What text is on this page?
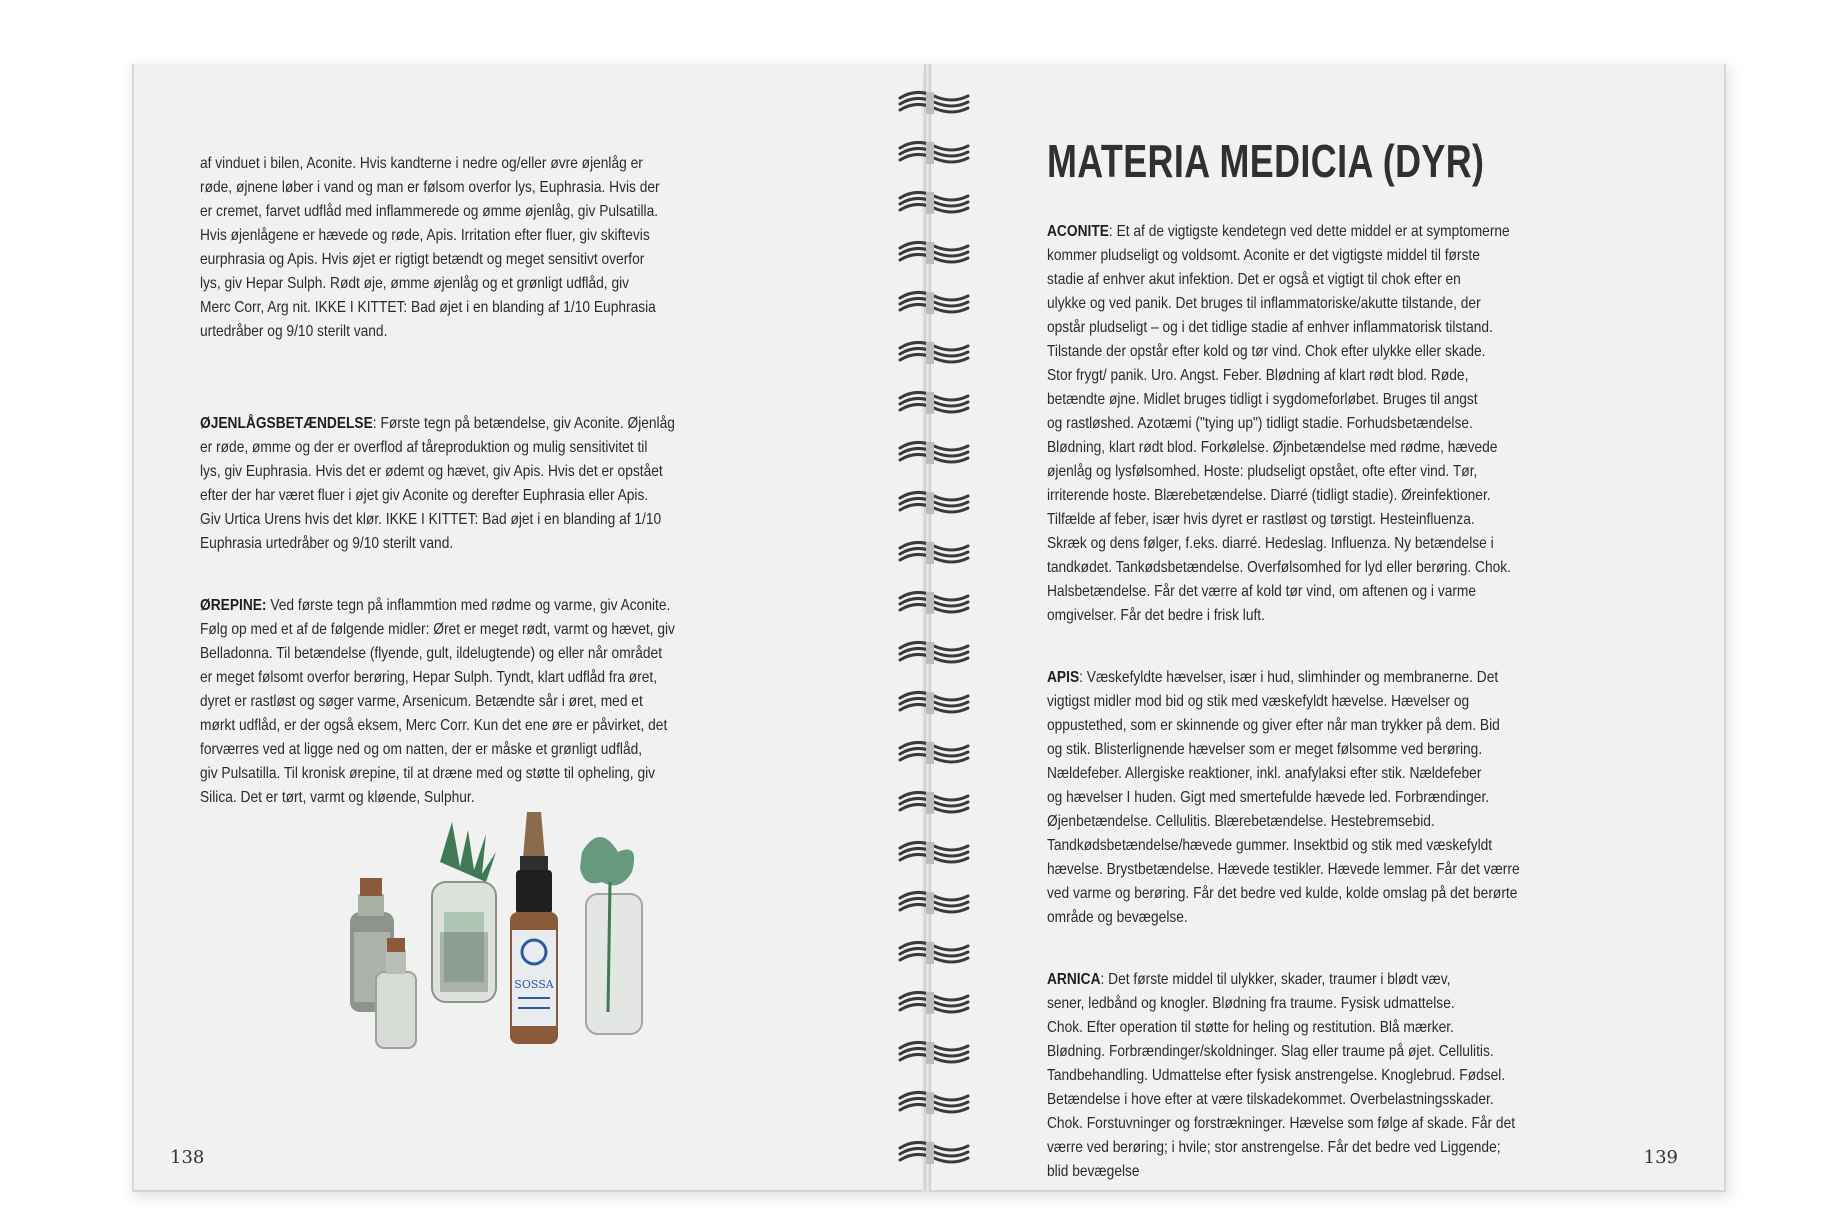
af vinduet i bilen, Aconite. Hvis kandterne i nedre og/eller øvre øjenlåg er
røde, øjnene løber i vand og man er følsom overfor lys, Euphrasia. Hvis der
er cremet, farvet udflåd med inflammerede og ømme øjenlåg, giv Pulsatilla.
Hvis øjenlågene er hævede og røde, Apis. Irritation efter fluer, giv skiftevis
eurphrasia og Apis. Hvis øjet er rigtigt betændt og meget sensitivt overfor
lys, giv Hepar Sulph. Rødt øje, ømme øjenlåg og et grønligt udflåd, giv
Merc Corr, Arg nit. IKKE I KITTET: Bad øjet i en blanding af 1/10 Euphrasia
urtedråber og 9/10 sterilt vand.

ØJENLÅGSBETÆNDELSE: Første tegn på betændelse, giv Aconite. Øjenlåg
er røde, ømme og der er overflod af tåreproduktion og mulig sensitivitet til
lys, giv Euphrasia. Hvis det er ødemt og hævet, giv Apis. Hvis det er opstået
efter der har været fluer i øjet giv Aconite og derefter Euphrasia eller Apis.
Giv Urtica Urens hvis det klør. IKKE I KITTET: Bad øjet i en blanding af 1/10
Euphrasia urtedråber og 9/10 sterilt vand.

ØREPINE: Ved første tegn på inflammtion med rødme og varme, giv Aconite.
Følg op med et af de følgende midler: Øret er meget rødt, varmt og hævet, giv
Belladonna. Til betændelse (flyende, gult, ildelugtende) og eller når området
er meget følsomt overfor berøring, Hepar Sulph. Tyndt, klart udflåd fra øret,
dyret er rastløst og søger varme, Arsenicum. Betændte sår i øret, med et
mørkt udflåd, er der også eksem, Merc Corr. Kun det ene øre er påvirket, det
forværres ved at ligge ned og om natten, der er måske et grønligt udflåd,
giv Pulsatilla. Til kronisk ørepine, til at dræne med og støtte til opheling, giv
Silica. Det er tørt, varmt og kløende, Sulphur.

SOSSA
138
MATERIA MEDICIA (DYR)

ACONITE: Et af de vigtigste kendetegn ved dette middel er at symptomerne
kommer pludseligt og voldsomt. Aconite er det vigtigste middel til første
stadie af enhver akut infektion. Det er også et vigtigt til chok efter en
ulykke og ved panik. Det bruges til inflammatoriske/akutte tilstande, der
opstår pludseligt – og i det tidlige stadie af enhver inflammatorisk tilstand.
Tilstande der opstår efter kold og tør vind. Chok efter ulykke eller skade.
Stor frygt/ panik. Uro. Angst. Feber. Blødning af klart rødt blod. Røde,
betændte øjne. Midlet bruges tidligt i sygdomeforløbet. Bruges til angst
og rastløshed. Azotæmi ("tying up") tidligt stadie. Forhudsbetændelse.
Blødning, klart rødt blod. Forkølelse. Øjnbetændelse med rødme, hævede
øjenlåg og lysfølsomhed. Hoste: pludseligt opstået, ofte efter vind. Tør,
irriterende hoste. Blærebetændelse. Diarré (tidligt stadie). Øreinfektioner.
Tilfælde af feber, især hvis dyret er rastløst og tørstigt. Hesteinfluenza.
Skræk og dens følger, f.eks. diarré. Hedeslag. Influenza. Ny betændelse i
tandkødet. Tankødsbetændelse. Overfølsomhed for lyd eller berøring. Chok.
Halsbetændelse. Får det værre af kold tør vind, om aftenen og i varme
omgivelser. Får det bedre i frisk luft.

APIS: Væskefyldte hævelser, især i hud, slimhinder og membranerne. Det
vigtigst midler mod bid og stik med væskefyldt hævelse. Hævelser og
oppustethed, som er skinnende og giver efter når man trykker på dem. Bid
og stik. Blisterlignende hævelser som er meget følsomme ved berøring.
Nældefeber. Allergiske reaktioner, inkl. anafylaksi efter stik. Nældefeber
og hævelser I huden. Gigt med smertefulde hævede led. Forbrændinger.
Øjenbetændelse. Cellulitis. Blærebetændelse. Hestebremsebid.
Tandkødsbetændelse/hævede gummer. Insektbid og stik med væskefyldt
hævelse. Brystbetændelse. Hævede testikler. Hævede lemmer. Får det værre
ved varme og berøring. Får det bedre ved kulde, kolde omslag på det berørte
område og bevægelse.

ARNICA: Det første middel til ulykker, skader, traumer i blødt væv,
sener, ledbånd og knogler. Blødning fra traume. Fysisk udmattelse.
Chok. Efter operation til støtte for heling og restitution. Blå mærker.
Blødning. Forbrændinger/skoldninger. Slag eller traume på øjet. Cellulitis.
Tandbehandling. Udmattelse efter fysisk anstrengelse. Knoglebrud. Fødsel.
Betændelse i hove efter at være tilskadekommet. Overbelastningsskader.
Chok. Forstuvninger og forstrækninger. Hævelse som følge af skade. Får det
værre ved berøring; i hvile; stor anstrengelse. Får det bedre ved Liggende;
blid bevægelse

139
